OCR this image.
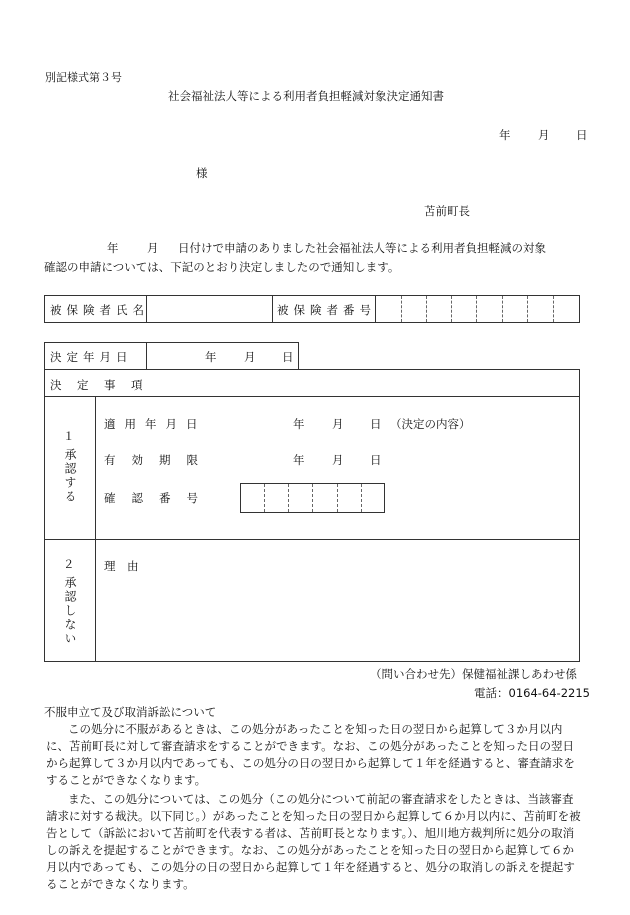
別記様式第３号
社会福祉法人等による利用者負担軽減対象決定通知書
年 月 日
様
苫前町長
年 月 日付けで申請のありました社会福祉法人等による利用者負担軽減の対象
確認の申請については、下記のとおり決定しましたので通知します。
被保険者氏名	被保険者番号
決定年月日	年 月 日
決　定　事　項
１
承認する
適用年月日	年 月 日 （決定の内容）
有効期限	年 月 日
確認番号
２
承認しない
理　由
（問い合わせ先）保健福祉課しあわせ係
電話：0164-64-2215
不服申立て及び取消訴訟について
この処分に不服があるときは、この処分があったことを知った日の翌日から起算して３か月以内に、苫前町長に対して審査請求をすることができます。なお、この処分があったことを知った日の翌日から起算して３か月以内であっても、この処分の日の翌日から起算して１年を経過すると、審査請求をすることができなくなります。
また、この処分については、この処分（この処分について前記の審査請求をしたときは、当該審査請求に対する裁決。以下同じ。）があったことを知った日の翌日から起算して６か月以内に、苫前町を被告として（訴訟において苫前町を代表する者は、苫前町長となります。）、旭川地方裁判所に処分の取消しの訴えを提起することができます。なお、この処分があったことを知った日の翌日から起算して６か月以内であっても、この処分の日の翌日から起算して１年を経過すると、処分の取消しの訴えを提起することができなくなります。
